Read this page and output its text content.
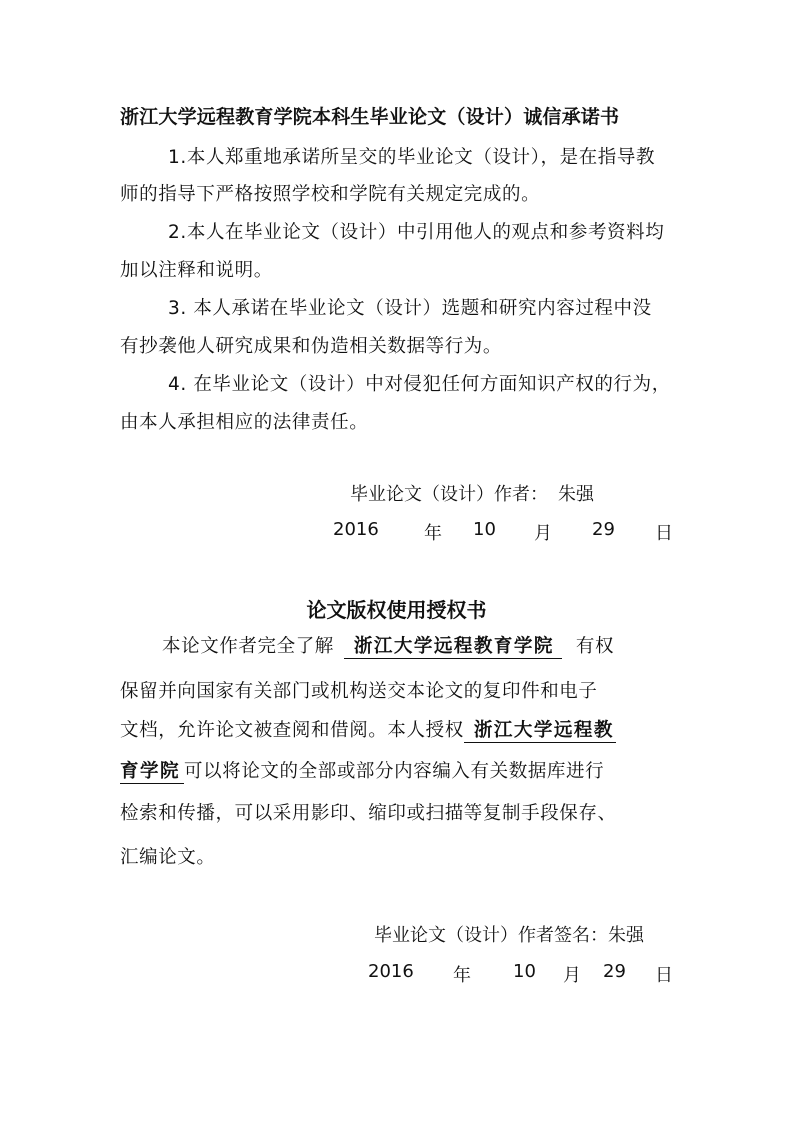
浙江大学远程教育学院本科生毕业论文（设计）诚信承诺书
1.本人郑重地承诺所呈交的毕业论文（设计），是在指导教
师的指导下严格按照学校和学院有关规定完成的。
2.本人在毕业论文（设计）中引用他人的观点和参考资料均
加以注释和说明。
3. 本人承诺在毕业论文（设计）选题和研究内容过程中没
有抄袭他人研究成果和伪造相关数据等行为。
4. 在毕业论文（设计）中对侵犯任何方面知识产权的行为，
由本人承担相应的法律责任。
毕业论文（设计）作者： 朱强
2016	年 10 月 29 日
论文版权使用授权书
本论文作者完全了解 浙江大学远程教育学院 有权
保留并向国家有关部门或机构送交本论文的复印件和电子
文档，允许论文被查阅和借阅。本人授权 浙江大学远程教
育学院 可以将论文的全部或部分内容编入有关数据库进行
检索和传播，可以采用影印、缩印或扫描等复制手段保存、
汇编论文。
毕业论文（设计）作者签名：朱强
2016 年 10 月 29 日
